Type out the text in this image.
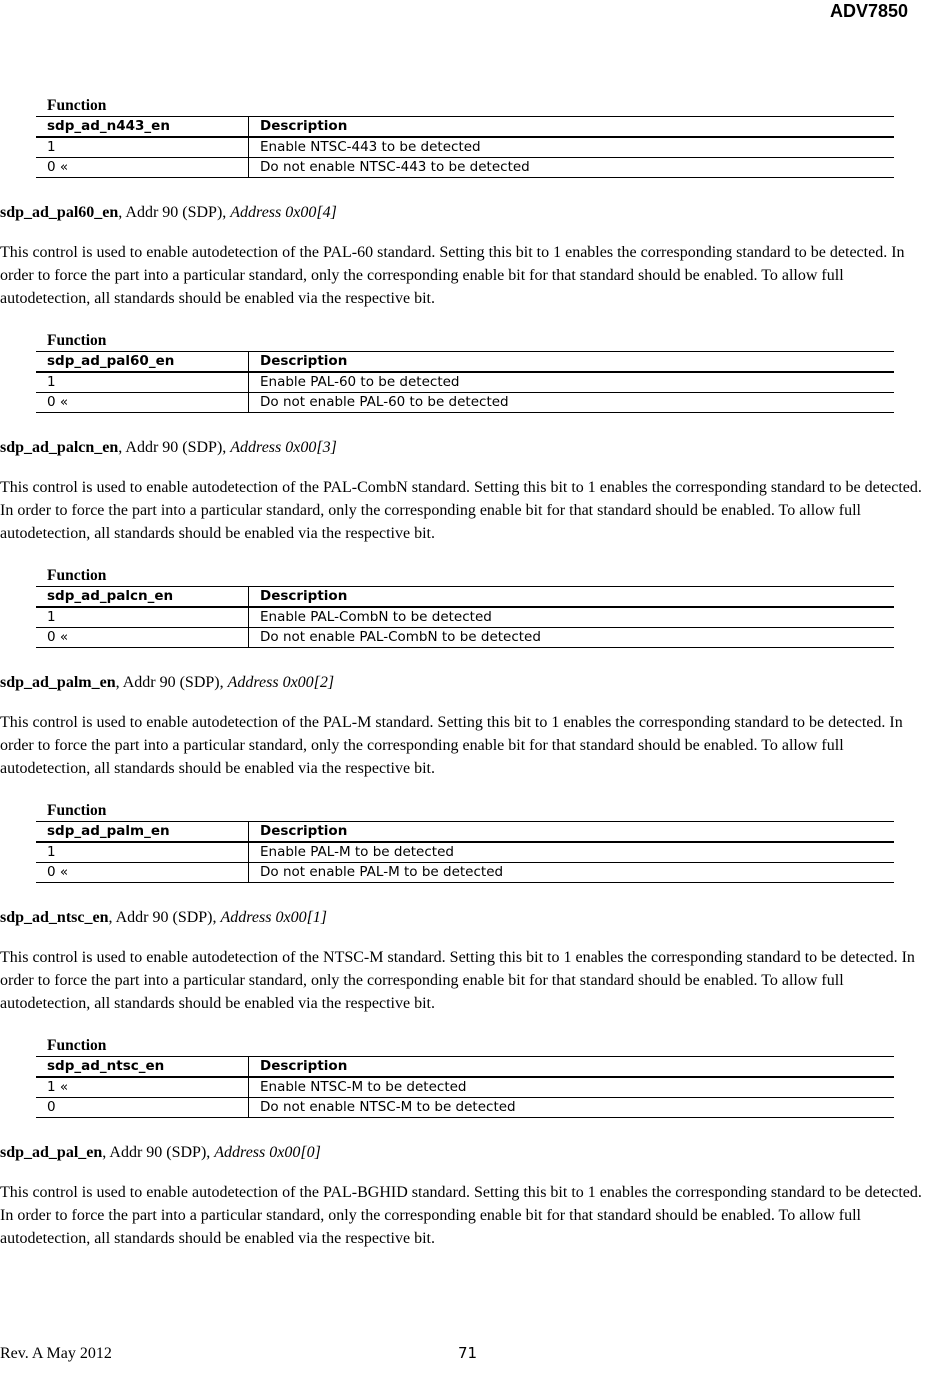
ADV7850
Function
sdp_ad_n443_en	Description
1	Enable NTSC-443 to be detected
0 «	Do not enable NTSC-443 to be detected
sdp_ad_pal60_en, Addr 90 (SDP), Address 0x00[4]
This control is used to enable autodetection of the PAL-60 standard. Setting this bit to 1 enables the corresponding standard to be detected. In order to force the part into a particular standard, only the corresponding enable bit for that standard should be enabled. To allow full autodetection, all standards should be enabled via the respective bit.
Function
sdp_ad_pal60_en	Description
1	Enable PAL-60 to be detected
0 «	Do not enable PAL-60 to be detected
sdp_ad_palcn_en, Addr 90 (SDP), Address 0x00[3]
This control is used to enable autodetection of the PAL-CombN standard. Setting this bit to 1 enables the corresponding standard to be detected. In order to force the part into a particular standard, only the corresponding enable bit for that standard should be enabled. To allow full autodetection, all standards should be enabled via the respective bit.
Function
sdp_ad_palcn_en	Description
1	Enable PAL-CombN to be detected
0 «	Do not enable PAL-CombN to be detected
sdp_ad_palm_en, Addr 90 (SDP), Address 0x00[2]
This control is used to enable autodetection of the PAL-M standard. Setting this bit to 1 enables the corresponding standard to be detected. In order to force the part into a particular standard, only the corresponding enable bit for that standard should be enabled. To allow full autodetection, all standards should be enabled via the respective bit.
Function
sdp_ad_palm_en	Description
1	Enable PAL-M to be detected
0 «	Do not enable PAL-M to be detected
sdp_ad_ntsc_en, Addr 90 (SDP), Address 0x00[1]
This control is used to enable autodetection of the NTSC-M standard. Setting this bit to 1 enables the corresponding standard to be detected. In order to force the part into a particular standard, only the corresponding enable bit for that standard should be enabled. To allow full autodetection, all standards should be enabled via the respective bit.
Function
sdp_ad_ntsc_en	Description
1 «	Enable NTSC-M to be detected
0	Do not enable NTSC-M to be detected
sdp_ad_pal_en, Addr 90 (SDP), Address 0x00[0]
This control is used to enable autodetection of the PAL-BGHID standard. Setting this bit to 1 enables the corresponding standard to be detected. In order to force the part into a particular standard, only the corresponding enable bit for that standard should be enabled. To allow full autodetection, all standards should be enabled via the respective bit.
Rev. A May 2012	71
